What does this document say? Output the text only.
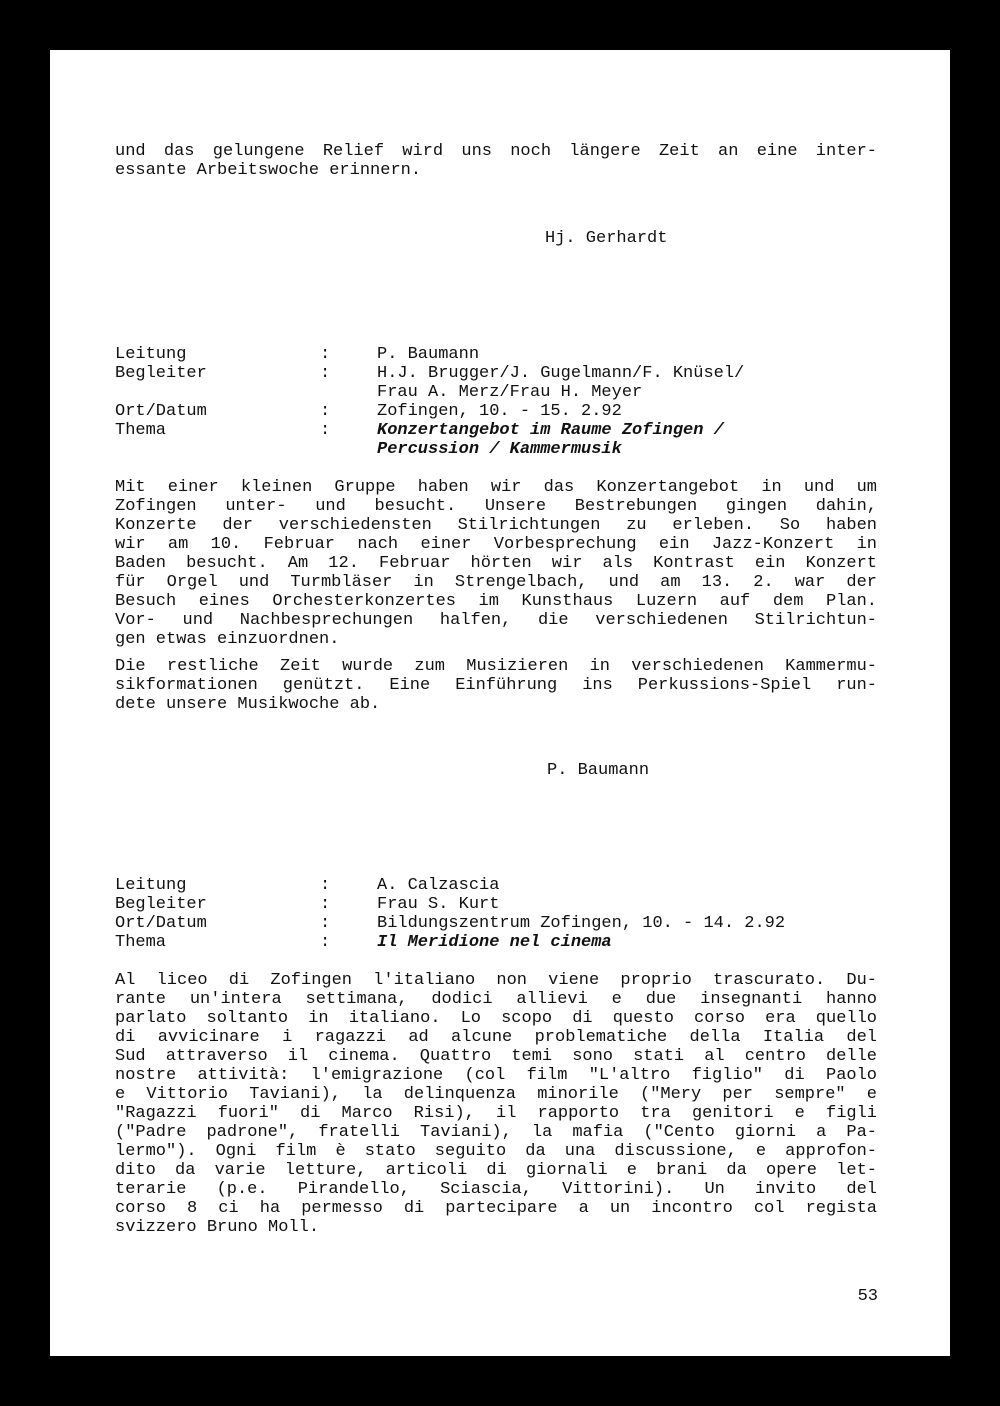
und das gelungene Relief wird uns noch längere Zeit an eine inter-
essante Arbeitswoche erinnern.

Hj. Gerhardt

Leitung	:	P. Baumann
Begleiter	:	H.J. Brugger/J. Gugelmann/F. Knüsel/
Frau A. Merz/Frau H. Meyer
Ort/Datum	:	Zofingen, 10. - 15. 2.92
Thema	:	Konzertangebot im Raume Zofingen /
Percussion / Kammermusik

Mit einer kleinen Gruppe haben wir das Konzertangebot in und um
Zofingen unter- und besucht. Unsere Bestrebungen gingen dahin,
Konzerte der verschiedensten Stilrichtungen zu erleben. So haben
wir am 10. Februar nach einer Vorbesprechung ein Jazz-Konzert in
Baden besucht. Am 12. Februar hörten wir als Kontrast ein Konzert
für Orgel und Turmbläser in Strengelbach, und am 13. 2. war der
Besuch eines Orchesterkonzertes im Kunsthaus Luzern auf dem Plan.
Vor- und Nachbesprechungen halfen, die verschiedenen Stilrichtun-
gen etwas einzuordnen.

Die restliche Zeit wurde zum Musizieren in verschiedenen Kammermu-
sikformationen genützt. Eine Einführung ins Perkussions-Spiel run-
dete unsere Musikwoche ab.

P. Baumann

Leitung	:	A. Calzascia
Begleiter	:	Frau S. Kurt
Ort/Datum	:	Bildungszentrum Zofingen, 10. - 14. 2.92
Thema	:	Il Meridione nel cinema

Al liceo di Zofingen l'italiano non viene proprio trascurato. Du-
rante un'intera settimana, dodici allievi e due insegnanti hanno
parlato soltanto in italiano. Lo scopo di questo corso era quello
di avvicinare i ragazzi ad alcune problematiche della Italia del
Sud attraverso il cinema. Quattro temi sono stati al centro delle
nostre attività: l'emigrazione (col film "L'altro figlio" di Paolo
e Vittorio Taviani), la delinquenza minorile ("Mery per sempre" e
"Ragazzi fuori" di Marco Risi), il rapporto tra genitori e figli
("Padre padrone", fratelli Taviani), la mafia ("Cento giorni a Pa-
lermo"). Ogni film è stato seguito da una discussione, e approfon-
dito da varie letture, articoli di giornali e brani da opere let-
terarie (p.e. Pirandello, Sciascia, Vittorini). Un invito del
corso 8 ci ha permesso di partecipare a un incontro col regista
svizzero Bruno Moll.

53
